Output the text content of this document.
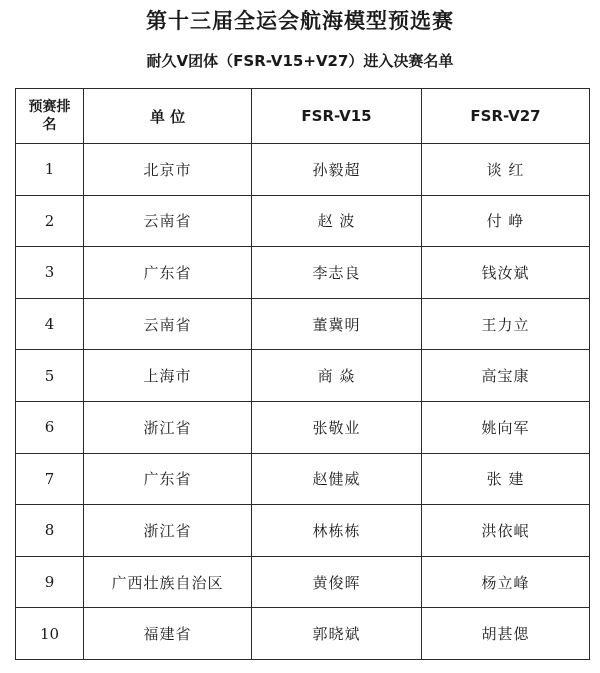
第十三届全运会航海模型预选赛
耐久V团体（FSR-V15+V27）进入决赛名单
预赛排
名	单 位	FSR-V15	FSR-V27
1	北京市	孙毅超	谈 红
2	云南省	赵 波	付 峥
3	广东省	李志良	钱汝斌
4	云南省	董冀明	王力立
5	上海市	商 焱	高宝康
6	浙江省	张敬业	姚向军
7	广东省	赵健威	张 建
8	浙江省	林栋栋	洪依岷
9	广西壮族自治区	黄俊晖	杨立峰
10	福建省	郭晓斌	胡甚偲
